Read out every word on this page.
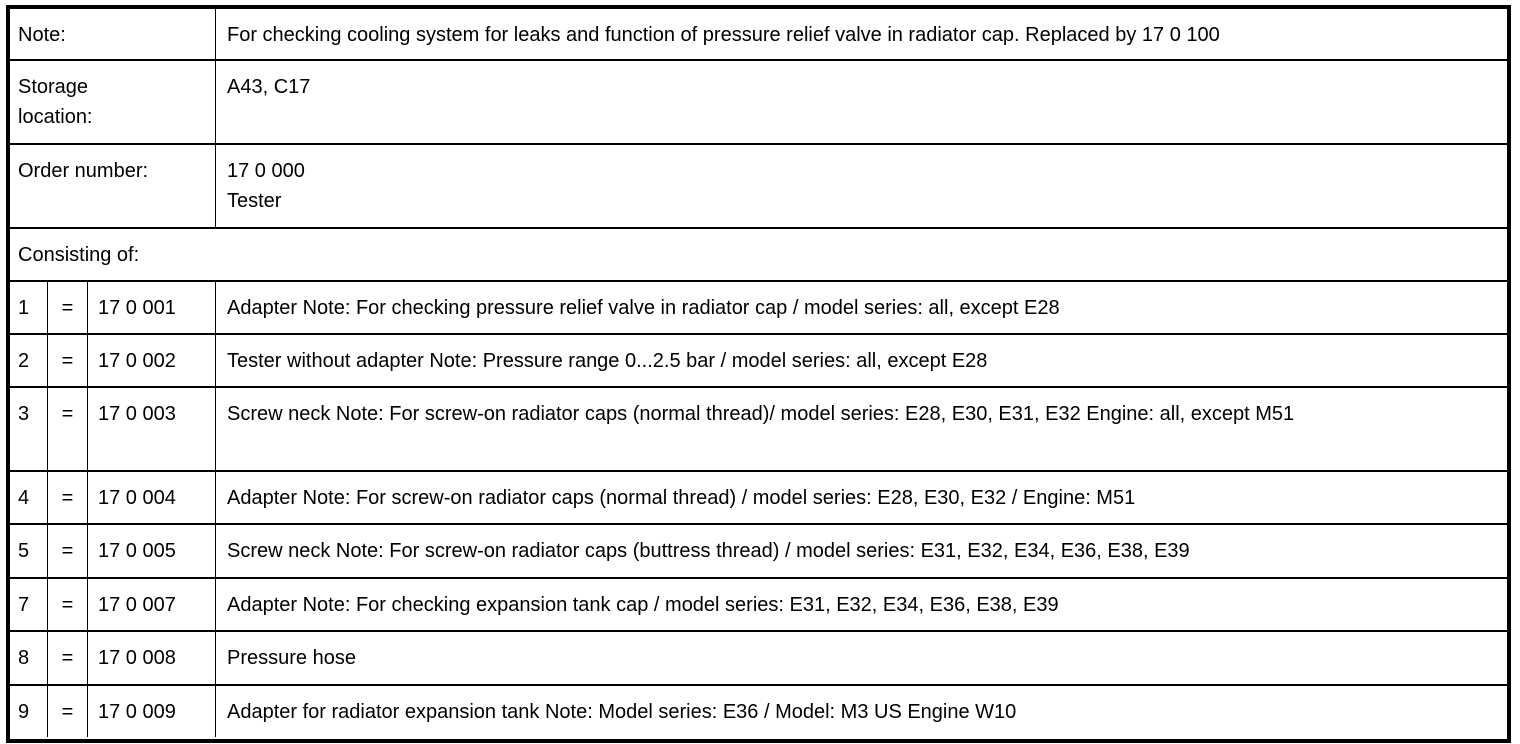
Note:	For checking cooling system for leaks and function of pressure relief valve in radiator cap. Replaced by 17 0 100
Storage location:
A43, C17
Order number:	17 0 000
Tester
Consisting of:
1	=	17 0 001	Adapter Note: For checking pressure relief valve in radiator cap / model series: all, except E28
2	=	17 0 002	Tester without adapter Note: Pressure range 0...2.5 bar / model series: all, except E28
3	=	17 0 003	Screw neck Note: For screw-on radiator caps (normal thread)/ model series: E28, E30, E31, E32 Engine: all, except M51
4	=	17 0 004	Adapter Note: For screw-on radiator caps (normal thread) / model series: E28, E30, E32 / Engine: M51
5	=	17 0 005	Screw neck Note: For screw-on radiator caps (buttress thread) / model series: E31, E32, E34, E36, E38, E39
7	=	17 0 007	Adapter Note: For checking expansion tank cap / model series: E31, E32, E34, E36, E38, E39
8	=	17 0 008	Pressure hose
9	=	17 0 009	Adapter for radiator expansion tank Note: Model series: E36 / Model: M3 US Engine W10
